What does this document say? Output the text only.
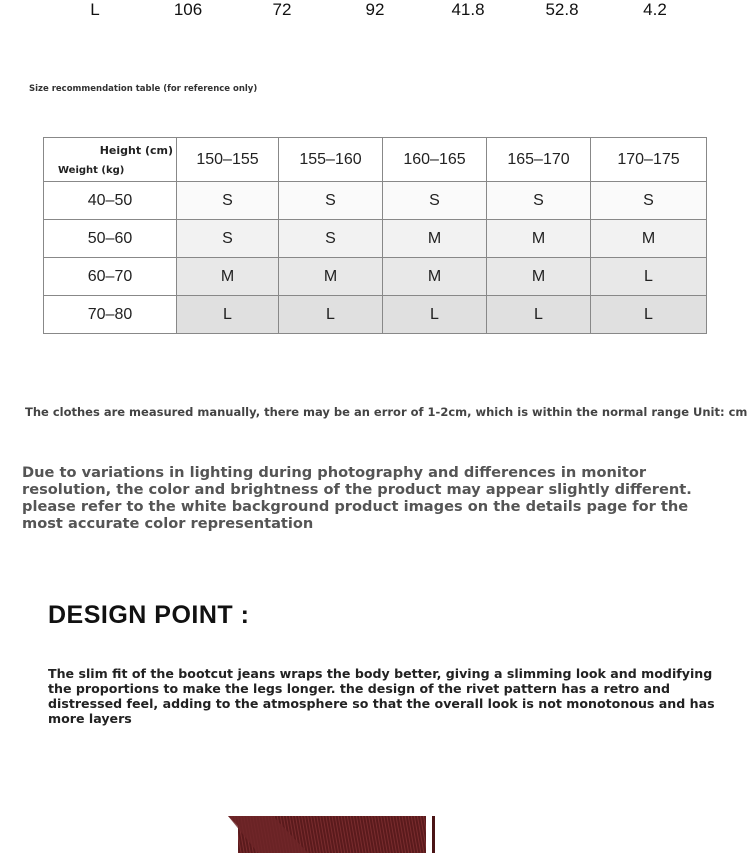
L	106	72	92	41.8	52.8	4.2
Size recommendation table (for reference only)
Height (cm)
Weight (kg)	150–155	155–160	160–165	165–170	170–175
40–50	S	S	S	S	S
50–60	S	S	M	M	M
60–70	M	M	M	M	L
70–80	L	L	L	L	L
The clothes are measured manually, there may be an error of 1-2cm, which is within the normal range Unit: cm
Due to variations in lighting during photography and differences in monitor resolution, the color and brightness of the product may appear slightly different. please refer to the white background product images on the details page for the most accurate color representation
DESIGN POINT :
The slim fit of the bootcut jeans wraps the body better, giving a slimming look and modifying the proportions to make the legs longer. the design of the rivet pattern has a retro and distressed feel, adding to the atmosphere so that the overall look is not monotonous and has more layers
